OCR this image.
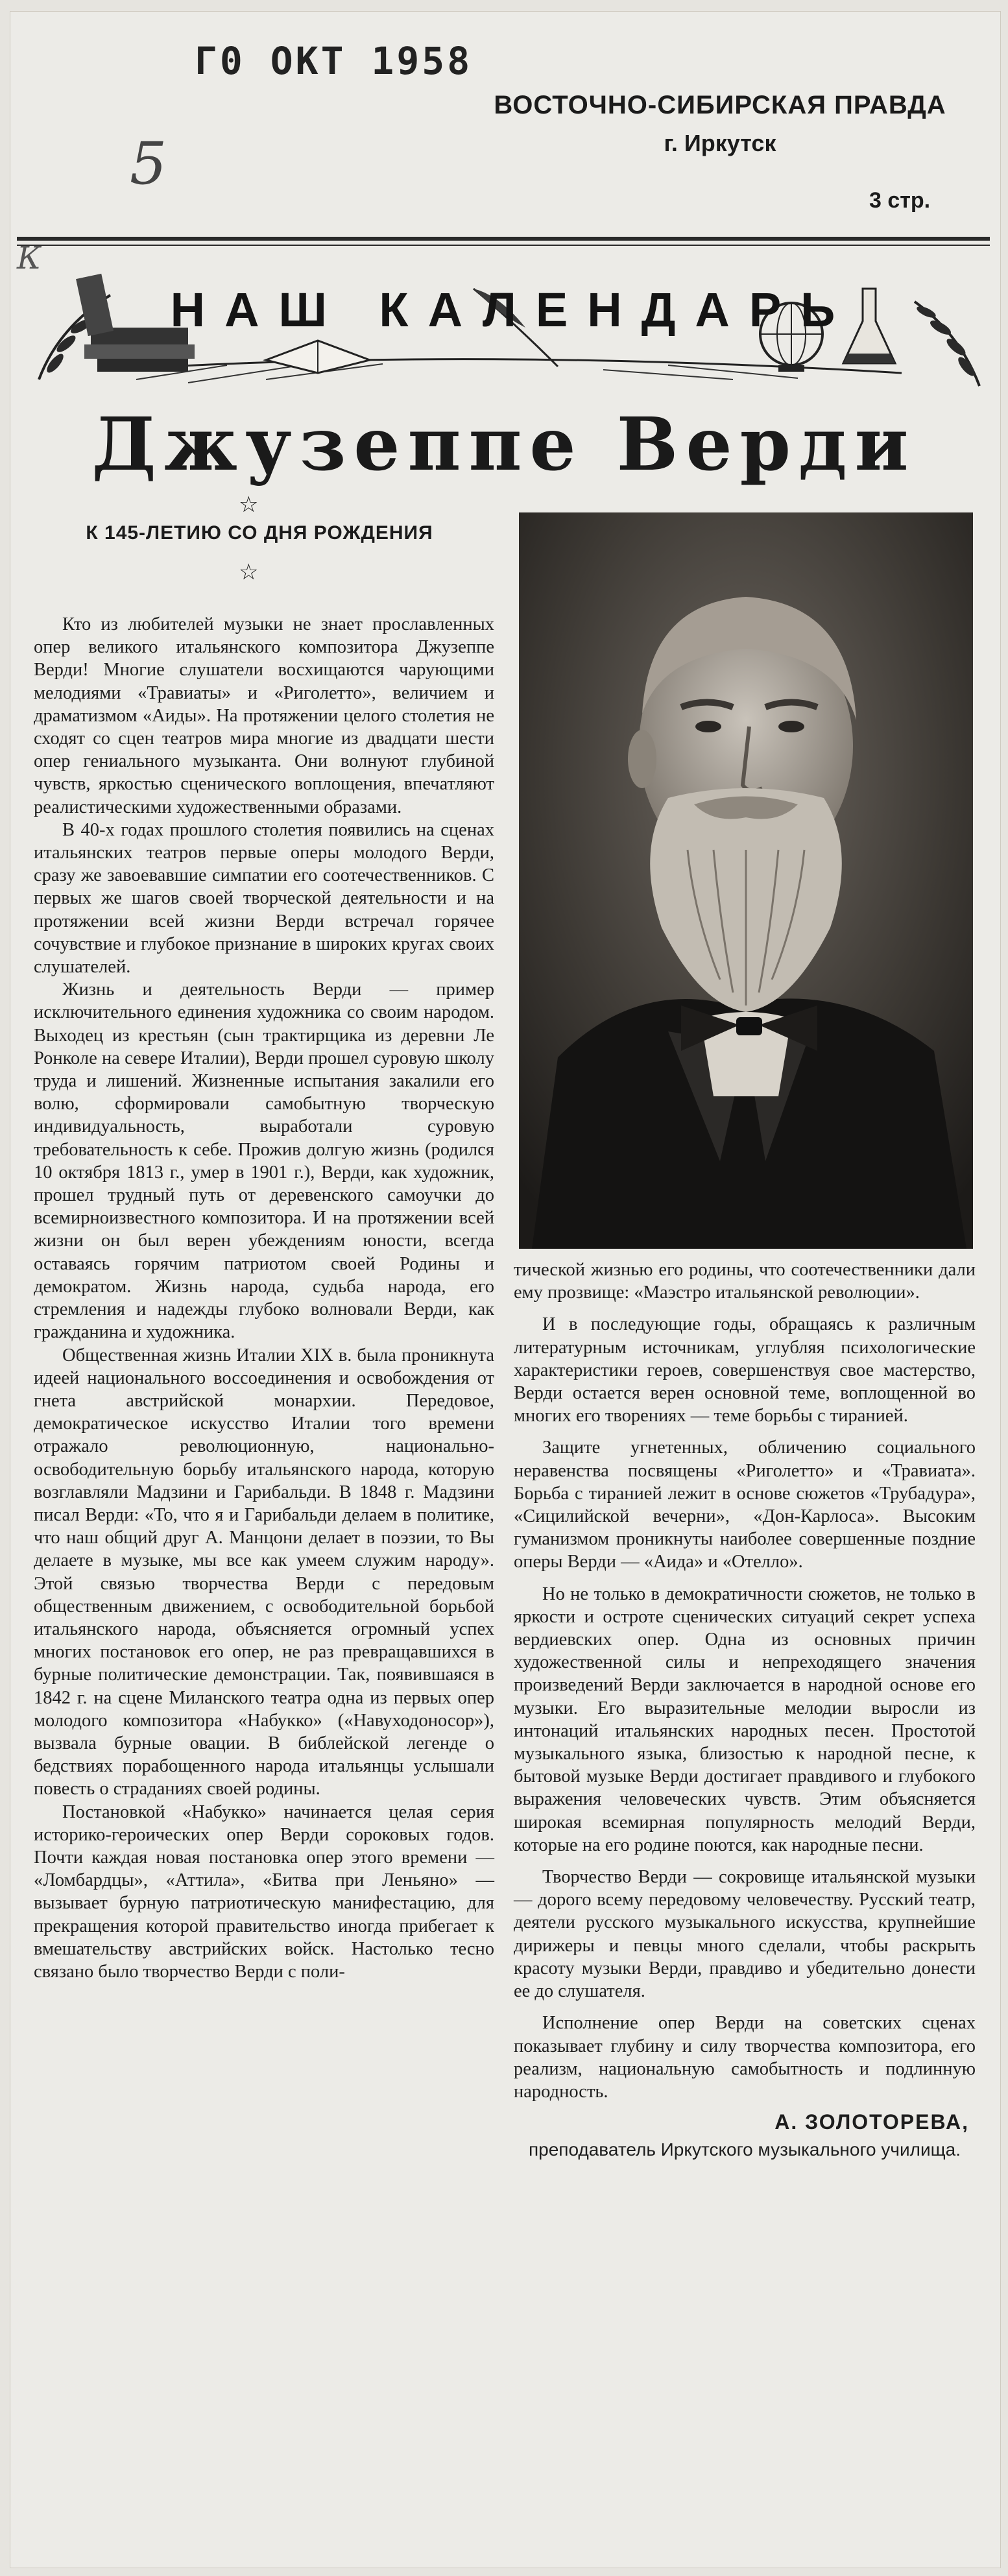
Г0 ОКТ 1958
ВОСТОЧНО-СИБИРСКАЯ ПРАВДА
г. Иркутск
3 стр.
5
К
НАШ КАЛЕНДАРЬ
Джузеппе Верди
☆
К 145-ЛЕТИЮ СО ДНЯ РОЖДЕНИЯ
☆

Кто из любителей музыки не знает прославленных опер великого итальянского композитора Джузеппе Верди! Многие слушатели восхищаются чарующими мелодиями «Травиаты» и «Риголетто», величием и драматизмом «Аиды». На протяжении целого столетия не сходят со сцен театров мира многие из двадцати шести опер гениального музыканта. Они волнуют глубиной чувств, яркостью сценического воплощения, впечатляют реалистическими художественными образами.

В 40-х годах прошлого столетия появились на сценах итальянских театров первые оперы молодого Верди, сразу же завоевавшие симпатии его соотечественников. С первых же шагов своей творческой деятельности и на протяжении всей жизни Верди встречал горячее сочувствие и глубокое признание в широких кругах своих слушателей.

Жизнь и деятельность Верди — пример исключительного единения художника со своим народом. Выходец из крестьян (сын трактирщика из деревни Ле Ронколе на севере Италии), Верди прошел суровую школу труда и лишений. Жизненные испытания закалили его волю, сформировали самобытную творческую индивидуальность, выработали суровую требовательность к себе. Прожив долгую жизнь (родился 10 октября 1813 г., умер в 1901 г.), Верди, как художник, прошел трудный путь от деревенского самоучки до всемирноизвестного композитора. И на протяжении всей жизни он был верен убеждениям юности, всегда оставаясь горячим патриотом своей Родины и демократом. Жизнь народа, судьба народа, его стремления и надежды глубоко волновали Верди, как гражданина и художника.

Общественная жизнь Италии XIX в. была проникнута идеей национального воссоединения и освобождения от гнета австрийской монархии. Передовое, демократическое искусство Италии того времени отражало революционную, национально-освободительную борьбу итальянского народа, которую возглавляли Мадзини и Гарибальди. В 1848 г. Мадзини писал Верди: «То, что я и Гарибальди делаем в политике, что наш общий друг А. Манцони делает в поэзии, то Вы делаете в музыке, мы все как умеем служим народу». Этой связью творчества Верди с передовым общественным движением, с освободительной борьбой итальянского народа, объясняется огромный успех многих постановок его опер, не раз превращавшихся в бурные политические демонстрации. Так, появившаяся в 1842 г. на сцене Миланского театра одна из первых опер молодого композитора «Набукко» («Навуходоносор»), вызвала бурные овации. В библейской легенде о бедствиях порабощенного народа итальянцы услышали повесть о страданиях своей родины.

Постановкой «Набукко» начинается целая серия историко-героических опер Верди сороковых годов. Почти каждая новая постановка опер этого времени — «Ломбардцы», «Аттила», «Битва при Леньяно» — вызывает бурную патриотическую манифестацию, для прекращения которой правительство иногда прибегает к вмешательству австрийских войск. Настолько тесно связано было творчество Верди с поли-

тической жизнью его родины, что соотечественники дали ему прозвище: «Маэстро итальянской революции».

И в последующие годы, обращаясь к различным литературным источникам, углубляя психологические характеристики героев, совершенствуя свое мастерство, Верди остается верен основной теме, воплощенной во многих его творениях — теме борьбы с тиранией.

Защите угнетенных, обличению социального неравенства посвящены «Риголетто» и «Травиата». Борьба с тиранией лежит в основе сюжетов «Трубадура», «Сицилийской вечерни», «Дон-Карлоса». Высоким гуманизмом проникнуты наиболее совершенные поздние оперы Верди — «Аида» и «Отелло».

Но не только в демократичности сюжетов, не только в яркости и остроте сценических ситуаций секрет успеха вердиевских опер. Одна из основных причин художественной силы и непреходящего значения произведений Верди заключается в народной основе его музыки. Его выразительные мелодии выросли из интонаций итальянских народных песен. Простотой музыкального языка, близостью к народной песне, к бытовой музыке Верди достигает правдивого и глубокого выражения человеческих чувств. Этим объясняется широкая всемирная популярность мелодий Верди, которые на его родине поются, как народные песни.

Творчество Верди — сокровище итальянской музыки — дорого всему передовому человечеству. Русский театр, деятели русского музыкального искусства, крупнейшие дирижеры и певцы много сделали, чтобы раскрыть красоту музыки Верди, правдиво и убедительно донести ее до слушателя.

Исполнение опер Верди на советских сценах показывает глубину и силу творчества композитора, его реализм, национальную самобытность и подлинную народность.

А. ЗОЛОТОРЕВА,
преподаватель Иркутского музыкального училища.
